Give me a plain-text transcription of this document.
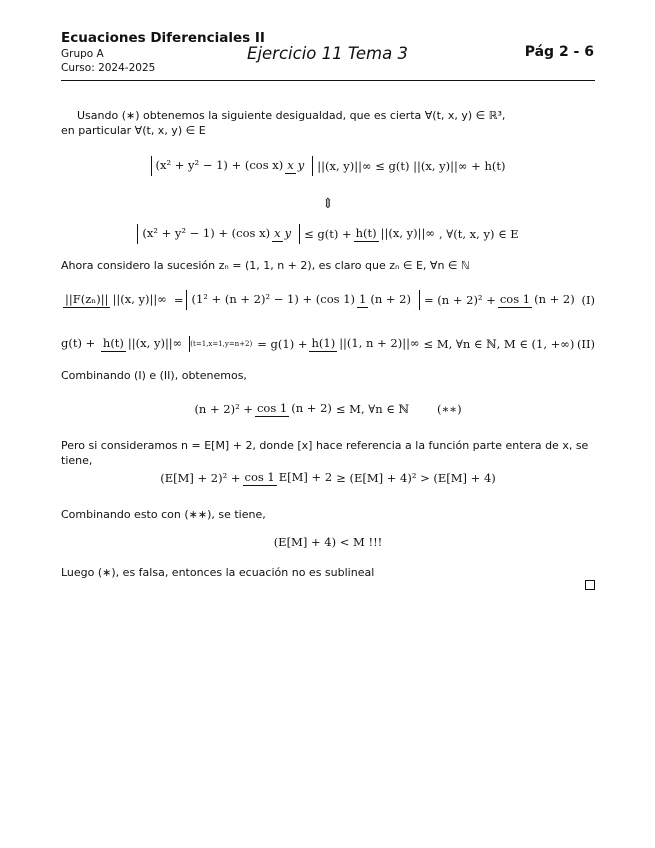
Ecuaciones Diferenciales II
Grupo A
Curso: 2024-2025
Ejercicio 11 Tema 3	Pág 2 - 6
Usando (∗) obtenemos la siguiente desigualdad, que es cierta ∀(t, x, y) ∈ ℝ³,
en particular ∀(t, x, y) ∈ E
(x² + y² − 1) + (cos x) x y	||(x, y)||∞ ≤ g(t) ||(x, y)||∞ + h(t)
⇕
(x² + y² − 1) + (cos x) x y	≤ g(t) + h(t) ||(x, y)||∞ , ∀(t, x, y) ∈ E
Ahora considero la sucesión zₙ = (1, 1, n + 2), es claro que zₙ ∈ E, ∀n ∈ ℕ
||F(zₙ)|| ||(x, y)||∞ = (1² + (n + 2)² − 1) + (cos 1) 1 (n + 2)	= (n + 2)² + cos 1 (n + 2) (I)
g(t) + h(t) ||(x, y)||∞	(t=1,x=1,y=n+2) = g(1) + h(1) ||(1, n + 2)||∞ ≤ M, ∀n ∈ ℕ, M ∈ (1, +∞) (II)
Combinando (I) e (II), obtenemos,
(n + 2)² + cos 1 (n + 2) ≤ M, ∀n ∈ ℕ (∗∗)
Pero si consideramos n = E[M] + 2, donde [x] hace referencia a la función parte entera de x, se tiene,
(E[M] + 2)² + cos 1 E[M] + 2 ≥ (E[M] + 4)² > (E[M] + 4)
Combinando esto con (∗∗), se tiene,
(E[M] + 4) < M !!!
Luego (∗), es falsa, entonces la ecuación no es sublineal
